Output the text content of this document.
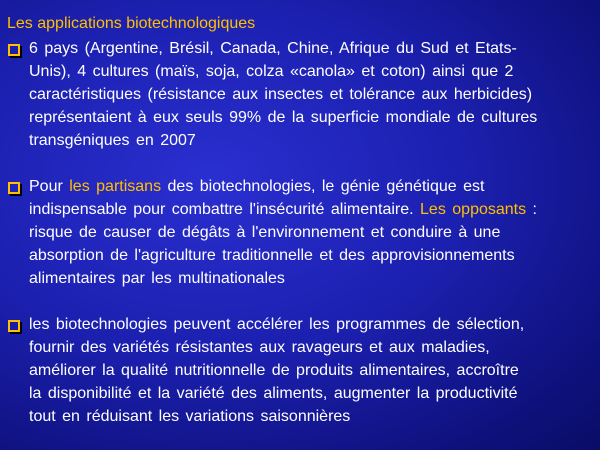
Les applications biotechnologiques

6 pays (Argentine, Brésil, Canada, Chine, Afrique du Sud et Etats-
Unis), 4 cultures (maïs, soja, colza «canola» et coton) ainsi que 2
caractéristiques (résistance aux insectes et tolérance aux herbicides)
représentaient à eux seuls 99% de la superficie mondiale de cultures
transgéniques en 2007

Pour les partisans des biotechnologies, le génie génétique est
indispensable pour combattre l'insécurité alimentaire. Les opposants :
risque de causer de dégâts à l'environnement et conduire à une
absorption de l'agriculture traditionnelle et des approvisionnements
alimentaires par les multinationales

les biotechnologies peuvent accélérer les programmes de sélection,
fournir des variétés résistantes aux ravageurs et aux maladies,
améliorer la qualité nutritionnelle de produits alimentaires, accroître
la disponibilité et la variété des aliments, augmenter la productivité
tout en réduisant les variations saisonnières
